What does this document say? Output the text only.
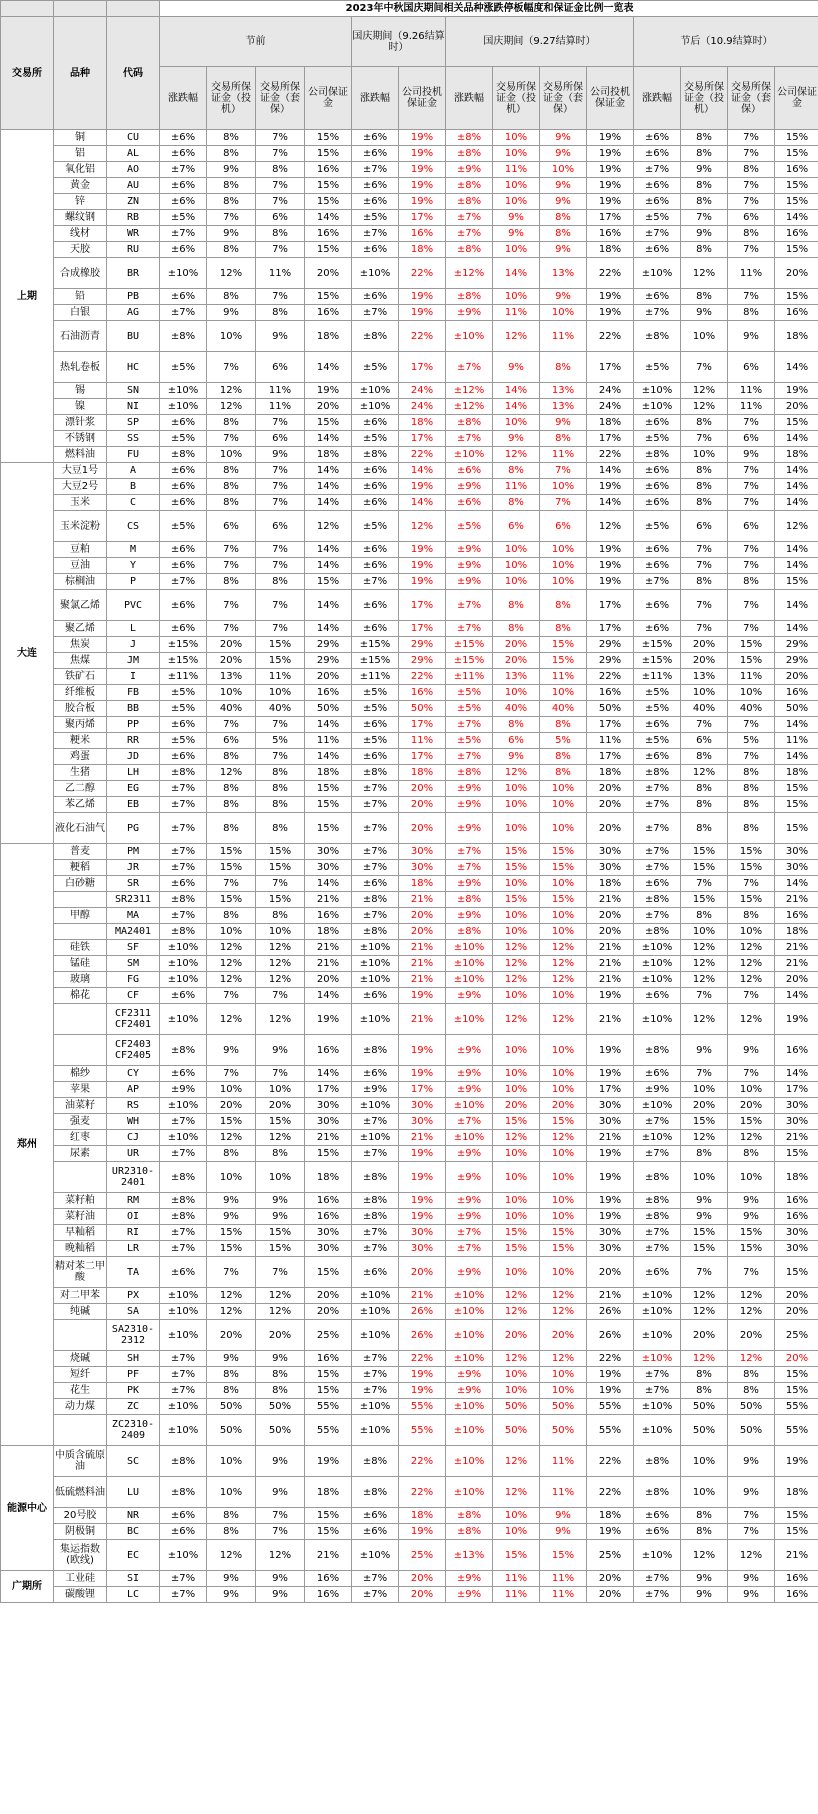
			2023年中秋国庆期间相关品种涨跌停板幅度和保证金比例一览表													
交易所	品种	代码	节前				国庆期间（9.26结算时）		国庆期间（9.27结算时）				节后（10.9结算时）			
			涨跌幅	交易所保证金（投机）	交易所保证金（套保）	公司保证金	涨跌幅	公司投机保证金	涨跌幅	交易所保证金（投机）	交易所保证金（套保）	公司投机保证金	涨跌幅	交易所保证金（投机）	交易所保证金（套保）	公司保证金
上期	铜	CU	±6%	8%	7%	15%	±6%	19%	±8%	10%	9%	19%	±6%	8%	7%	15%
	铝	AL	±6%	8%	7%	15%	±6%	19%	±8%	10%	9%	19%	±6%	8%	7%	15%
	氧化铝	AO	±7%	9%	8%	16%	±7%	19%	±9%	11%	10%	19%	±7%	9%	8%	16%
	黄金	AU	±6%	8%	7%	15%	±6%	19%	±8%	10%	9%	19%	±6%	8%	7%	15%
	锌	ZN	±6%	8%	7%	15%	±6%	19%	±8%	10%	9%	19%	±6%	8%	7%	15%
	螺纹钢	RB	±5%	7%	6%	14%	±5%	17%	±7%	9%	8%	17%	±5%	7%	6%	14%
	线材	WR	±7%	9%	8%	16%	±7%	16%	±7%	9%	8%	16%	±7%	9%	8%	16%
	天胶	RU	±6%	8%	7%	15%	±6%	18%	±8%	10%	9%	18%	±6%	8%	7%	15%
	合成橡胶	BR	±10%	12%	11%	20%	±10%	22%	±12%	14%	13%	22%	±10%	12%	11%	20%
	铅	PB	±6%	8%	7%	15%	±6%	19%	±8%	10%	9%	19%	±6%	8%	7%	15%
	白银	AG	±7%	9%	8%	16%	±7%	19%	±9%	11%	10%	19%	±7%	9%	8%	16%
	石油沥青	BU	±8%	10%	9%	18%	±8%	22%	±10%	12%	11%	22%	±8%	10%	9%	18%
	热轧卷板	HC	±5%	7%	6%	14%	±5%	17%	±7%	9%	8%	17%	±5%	7%	6%	14%
	锡	SN	±10%	12%	11%	19%	±10%	24%	±12%	14%	13%	24%	±10%	12%	11%	19%
	镍	NI	±10%	12%	11%	20%	±10%	24%	±12%	14%	13%	24%	±10%	12%	11%	20%
	漂针浆	SP	±6%	8%	7%	15%	±6%	18%	±8%	10%	9%	18%	±6%	8%	7%	15%
	不锈钢	SS	±5%	7%	6%	14%	±5%	17%	±7%	9%	8%	17%	±5%	7%	6%	14%
	燃料油	FU	±8%	10%	9%	18%	±8%	22%	±10%	12%	11%	22%	±8%	10%	9%	18%
大连	大豆1号	A	±6%	8%	7%	14%	±6%	14%	±6%	8%	7%	14%	±6%	8%	7%	14%
	大豆2号	B	±6%	8%	7%	14%	±6%	19%	±9%	11%	10%	19%	±6%	8%	7%	14%
	玉米	C	±6%	8%	7%	14%	±6%	14%	±6%	8%	7%	14%	±6%	8%	7%	14%
	玉米淀粉	CS	±5%	6%	6%	12%	±5%	12%	±5%	6%	6%	12%	±5%	6%	6%	12%
	豆粕	M	±6%	7%	7%	14%	±6%	19%	±9%	10%	10%	19%	±6%	7%	7%	14%
	豆油	Y	±6%	7%	7%	14%	±6%	19%	±9%	10%	10%	19%	±6%	7%	7%	14%
	棕榈油	P	±7%	8%	8%	15%	±7%	19%	±9%	10%	10%	19%	±7%	8%	8%	15%
	聚氯乙烯	PVC	±6%	7%	7%	14%	±6%	17%	±7%	8%	8%	17%	±6%	7%	7%	14%
	聚乙烯	L	±6%	7%	7%	14%	±6%	17%	±7%	8%	8%	17%	±6%	7%	7%	14%
	焦炭	J	±15%	20%	15%	29%	±15%	29%	±15%	20%	15%	29%	±15%	20%	15%	29%
	焦煤	JM	±15%	20%	15%	29%	±15%	29%	±15%	20%	15%	29%	±15%	20%	15%	29%
	铁矿石	I	±11%	13%	11%	20%	±11%	22%	±11%	13%	11%	22%	±11%	13%	11%	20%
	纤维板	FB	±5%	10%	10%	16%	±5%	16%	±5%	10%	10%	16%	±5%	10%	10%	16%
	胶合板	BB	±5%	40%	40%	50%	±5%	50%	±5%	40%	40%	50%	±5%	40%	40%	50%
	聚丙烯	PP	±6%	7%	7%	14%	±6%	17%	±7%	8%	8%	17%	±6%	7%	7%	14%
	粳米	RR	±5%	6%	5%	11%	±5%	11%	±5%	6%	5%	11%	±5%	6%	5%	11%
	鸡蛋	JD	±6%	8%	7%	14%	±6%	17%	±7%	9%	8%	17%	±6%	8%	7%	14%
	生猪	LH	±8%	12%	8%	18%	±8%	18%	±8%	12%	8%	18%	±8%	12%	8%	18%
	乙二醇	EG	±7%	8%	8%	15%	±7%	20%	±9%	10%	10%	20%	±7%	8%	8%	15%
	苯乙烯	EB	±7%	8%	8%	15%	±7%	20%	±9%	10%	10%	20%	±7%	8%	8%	15%
	液化石油气	PG	±7%	8%	8%	15%	±7%	20%	±9%	10%	10%	20%	±7%	8%	8%	15%
郑州	普麦	PM	±7%	15%	15%	30%	±7%	30%	±7%	15%	15%	30%	±7%	15%	15%	30%
	粳稻	JR	±7%	15%	15%	30%	±7%	30%	±7%	15%	15%	30%	±7%	15%	15%	30%
	白砂糖	SR	±6%	7%	7%	14%	±6%	18%	±9%	10%	10%	18%	±6%	7%	7%	14%
		SR2311	±8%	15%	15%	21%	±8%	21%	±8%	15%	15%	21%	±8%	15%	15%	21%
	甲醇	MA	±7%	8%	8%	16%	±7%	20%	±9%	10%	10%	20%	±7%	8%	8%	16%
		MA2401	±8%	10%	10%	18%	±8%	20%	±8%	10%	10%	20%	±8%	10%	10%	18%
	硅铁	SF	±10%	12%	12%	21%	±10%	21%	±10%	12%	12%	21%	±10%	12%	12%	21%
	锰硅	SM	±10%	12%	12%	21%	±10%	21%	±10%	12%	12%	21%	±10%	12%	12%	21%
	玻璃	FG	±10%	12%	12%	20%	±10%	21%	±10%	12%	12%	21%	±10%	12%	12%	20%
	棉花	CF	±6%	7%	7%	14%	±6%	19%	±9%	10%	10%	19%	±6%	7%	7%	14%
		CF2311 CF2401	±10%	12%	12%	19%	±10%	21%	±10%	12%	12%	21%	±10%	12%	12%	19%
		CF2403 CF2405	±8%	9%	9%	16%	±8%	19%	±9%	10%	10%	19%	±8%	9%	9%	16%
	棉纱	CY	±6%	7%	7%	14%	±6%	19%	±9%	10%	10%	19%	±6%	7%	7%	14%
	苹果	AP	±9%	10%	10%	17%	±9%	17%	±9%	10%	10%	17%	±9%	10%	10%	17%
	油菜籽	RS	±10%	20%	20%	30%	±10%	30%	±10%	20%	20%	30%	±10%	20%	20%	30%
	强麦	WH	±7%	15%	15%	30%	±7%	30%	±7%	15%	15%	30%	±7%	15%	15%	30%
	红枣	CJ	±10%	12%	12%	21%	±10%	21%	±10%	12%	12%	21%	±10%	12%	12%	21%
	尿素	UR	±7%	8%	8%	15%	±7%	19%	±9%	10%	10%	19%	±7%	8%	8%	15%
		UR2310-2401	±8%	10%	10%	18%	±8%	19%	±9%	10%	10%	19%	±8%	10%	10%	18%
	菜籽粕	RM	±8%	9%	9%	16%	±8%	19%	±9%	10%	10%	19%	±8%	9%	9%	16%
	菜籽油	OI	±8%	9%	9%	16%	±8%	19%	±9%	10%	10%	19%	±8%	9%	9%	16%
	早籼稻	RI	±7%	15%	15%	30%	±7%	30%	±7%	15%	15%	30%	±7%	15%	15%	30%
	晚籼稻	LR	±7%	15%	15%	30%	±7%	30%	±7%	15%	15%	30%	±7%	15%	15%	30%
	精对苯二甲酸	TA	±6%	7%	7%	15%	±6%	20%	±9%	10%	10%	20%	±6%	7%	7%	15%
	对二甲苯	PX	±10%	12%	12%	20%	±10%	21%	±10%	12%	12%	21%	±10%	12%	12%	20%
	纯碱	SA	±10%	12%	12%	20%	±10%	26%	±10%	12%	12%	26%	±10%	12%	12%	20%
		SA2310-2312	±10%	20%	20%	25%	±10%	26%	±10%	20%	20%	26%	±10%	20%	20%	25%
	烧碱	SH	±7%	9%	9%	16%	±7%	22%	±10%	12%	12%	22%	±10%	12%	12%	20%
	短纤	PF	±7%	8%	8%	15%	±7%	19%	±9%	10%	10%	19%	±7%	8%	8%	15%
	花生	PK	±7%	8%	8%	15%	±7%	19%	±9%	10%	10%	19%	±7%	8%	8%	15%
	动力煤	ZC	±10%	50%	50%	55%	±10%	55%	±10%	50%	50%	55%	±10%	50%	50%	55%
		ZC2310-2409	±10%	50%	50%	55%	±10%	55%	±10%	50%	50%	55%	±10%	50%	50%	55%
能源中心	中质含硫原油	SC	±8%	10%	9%	19%	±8%	22%	±10%	12%	11%	22%	±8%	10%	9%	19%
	低硫燃料油	LU	±8%	10%	9%	18%	±8%	22%	±10%	12%	11%	22%	±8%	10%	9%	18%
	20号胶	NR	±6%	8%	7%	15%	±6%	18%	±8%	10%	9%	18%	±6%	8%	7%	15%
	阴极铜	BC	±6%	8%	7%	15%	±6%	19%	±8%	10%	9%	19%	±6%	8%	7%	15%
	集运指数(欧线)	EC	±10%	12%	12%	21%	±10%	25%	±13%	15%	15%	25%	±10%	12%	12%	21%
广期所	工业硅	SI	±7%	9%	9%	16%	±7%	20%	±9%	11%	11%	20%	±7%	9%	9%	16%
	碳酸锂	LC	±7%	9%	9%	16%	±7%	20%	±9%	11%	11%	20%	±7%	9%	9%	16%
